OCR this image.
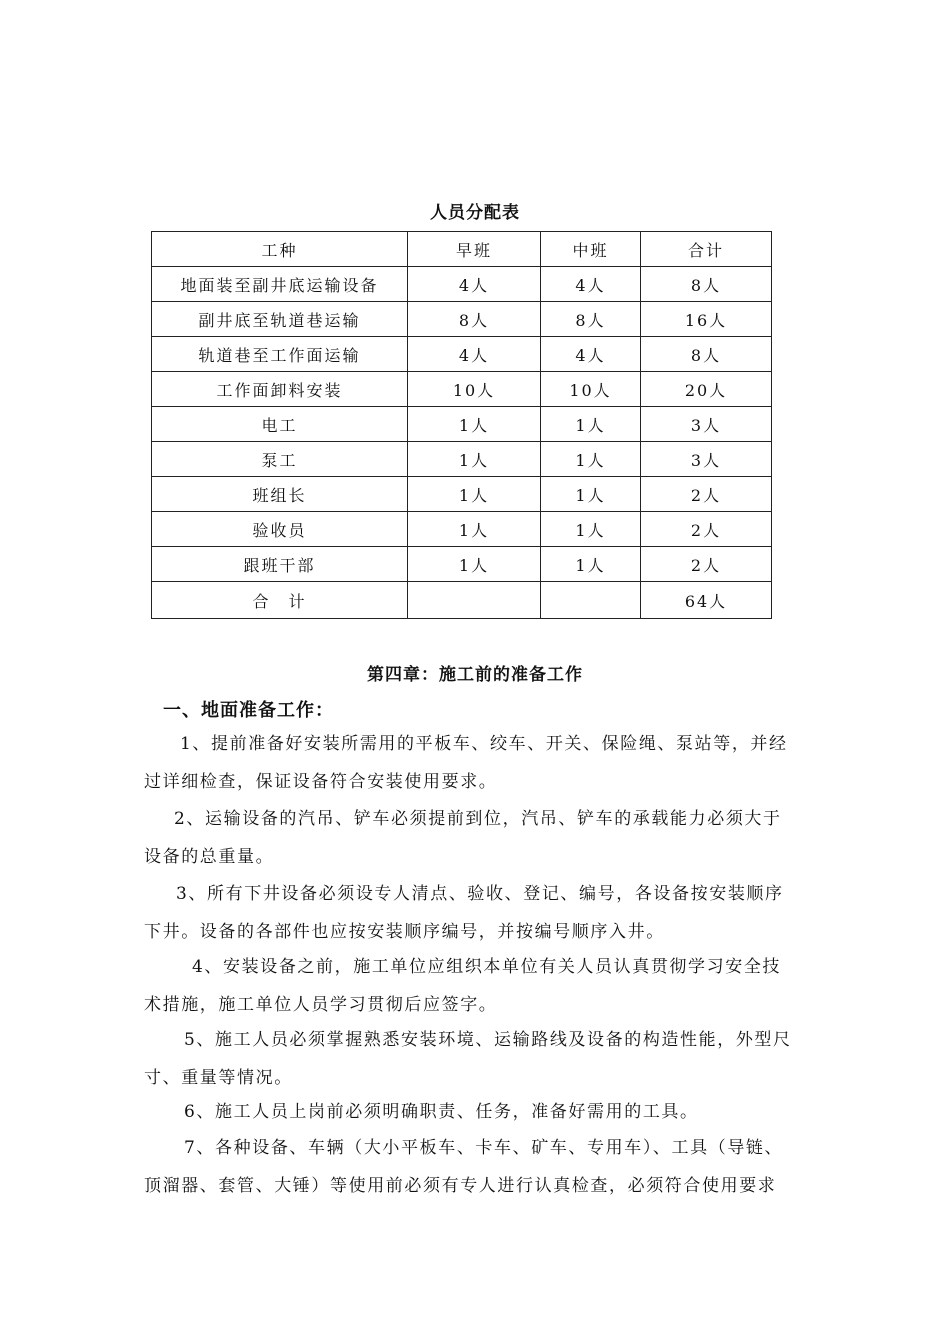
人员分配表
工种	早班	中班	合计
地面装至副井底运输设备	4人	4人	8人
副井底至轨道巷运输	8人	8人	16人
轨道巷至工作面运输	4人	4人	8人
工作面卸料安装	10人	10人	20人
电工	1人	1人	3人
泵工	1人	1人	3人
班组长	1人	1人	2人
验收员	1人	1人	2人
跟班干部	1人	1人	2人
合　计			64人
第四章：施工前的准备工作
一、地面准备工作：
1、提前准备好安装所需用的平板车、绞车、开关、保险绳、泵站等，并经
过详细检查，保证设备符合安装使用要求。
2、运输设备的汽吊、铲车必须提前到位，汽吊、铲车的承载能力必须大于
设备的总重量。
3、所有下井设备必须设专人清点、验收、登记、编号，各设备按安装顺序
下井。设备的各部件也应按安装顺序编号，并按编号顺序入井。
4、安装设备之前，施工单位应组织本单位有关人员认真贯彻学习安全技
术措施，施工单位人员学习贯彻后应签字。
5、施工人员必须掌握熟悉安装环境、运输路线及设备的构造性能，外型尺
寸、重量等情况。
6、施工人员上岗前必须明确职责、任务，准备好需用的工具。
7、各种设备、车辆（大小平板车、卡车、矿车、专用车）、工具（导链、
顶溜器、套管、大锤）等使用前必须有专人进行认真检查，必须符合使用要求
